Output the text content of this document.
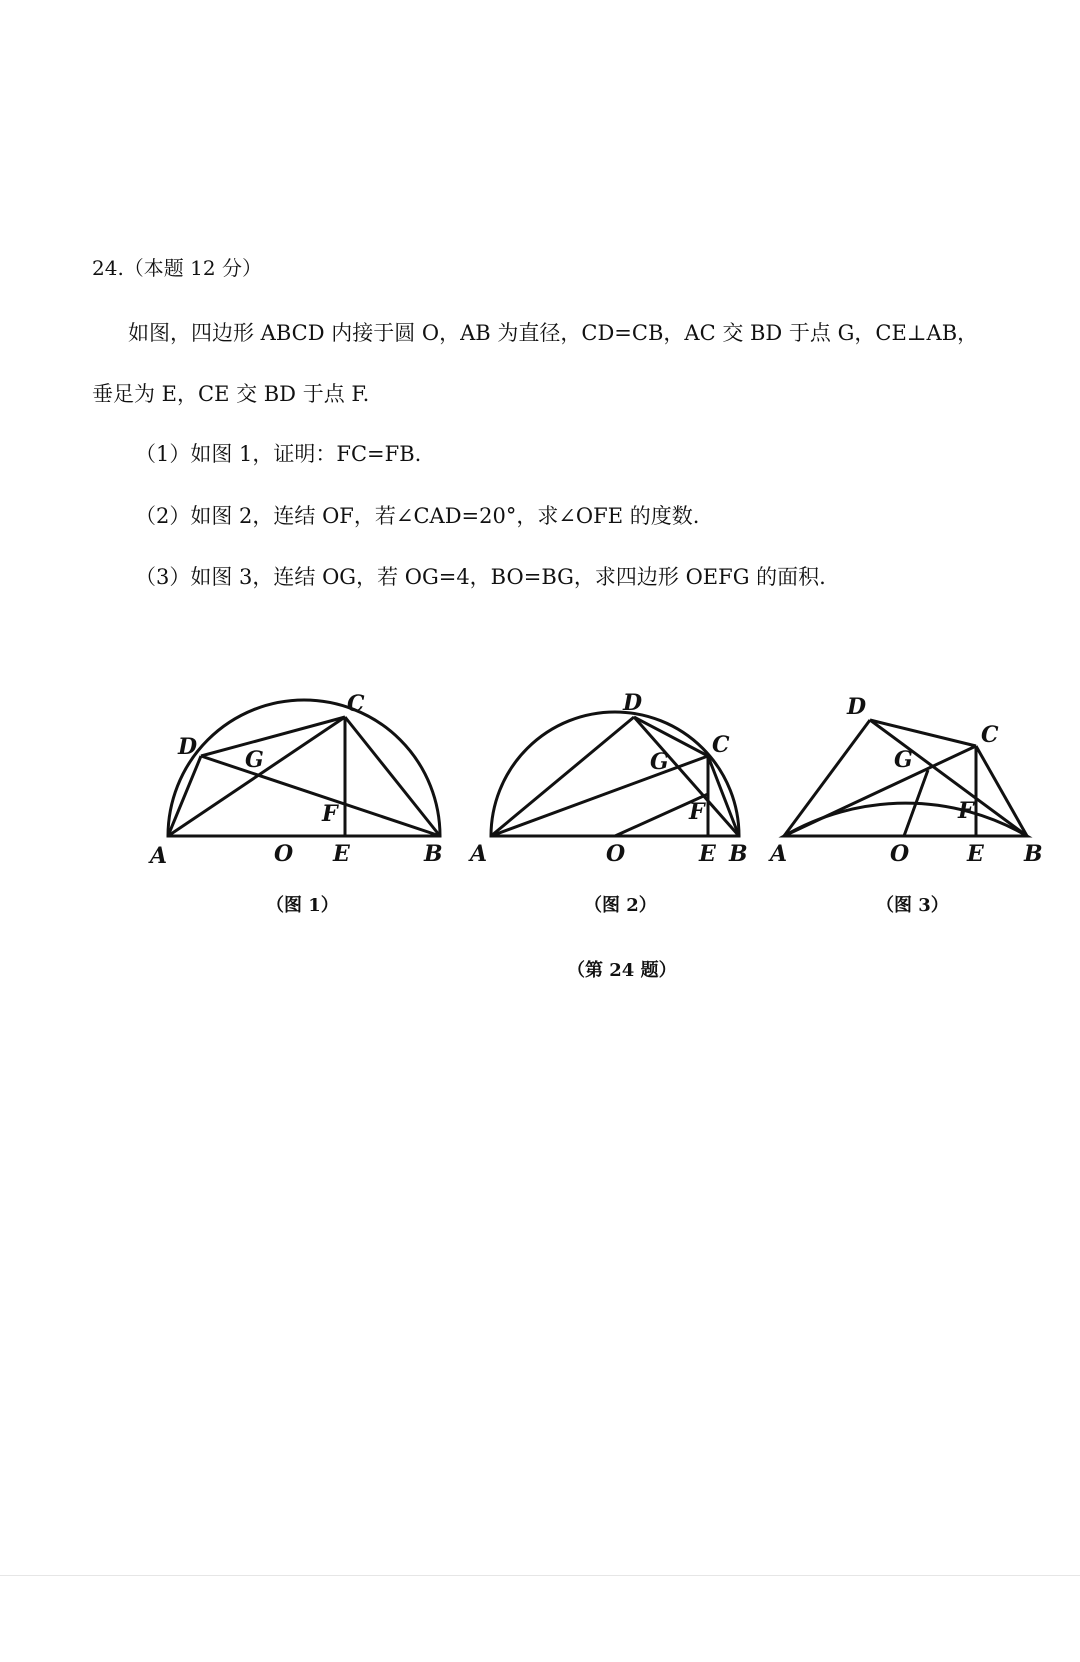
24.（本题 12 分）
如图，四边形 ABCD 内接于圆 O，AB 为直径，CD=CB，AC 交 BD 于点 G，CE⊥AB，
垂足为 E，CE 交 BD 于点 F.
（1）如图 1，证明：FC=FB.
（2）如图 2，连结 OF，若∠CAD=20°，求∠OFE 的度数.
（3）如图 3，连结 OG，若 OG=4，BO=BG，求四边形 OEFG 的面积.
A	O E	B
C
D G
F
A	O	E B
C
D
G
F
A	O	E B
C
D
G
F
（图 1）	（图 2）	（图 3）
（第 24 题）
